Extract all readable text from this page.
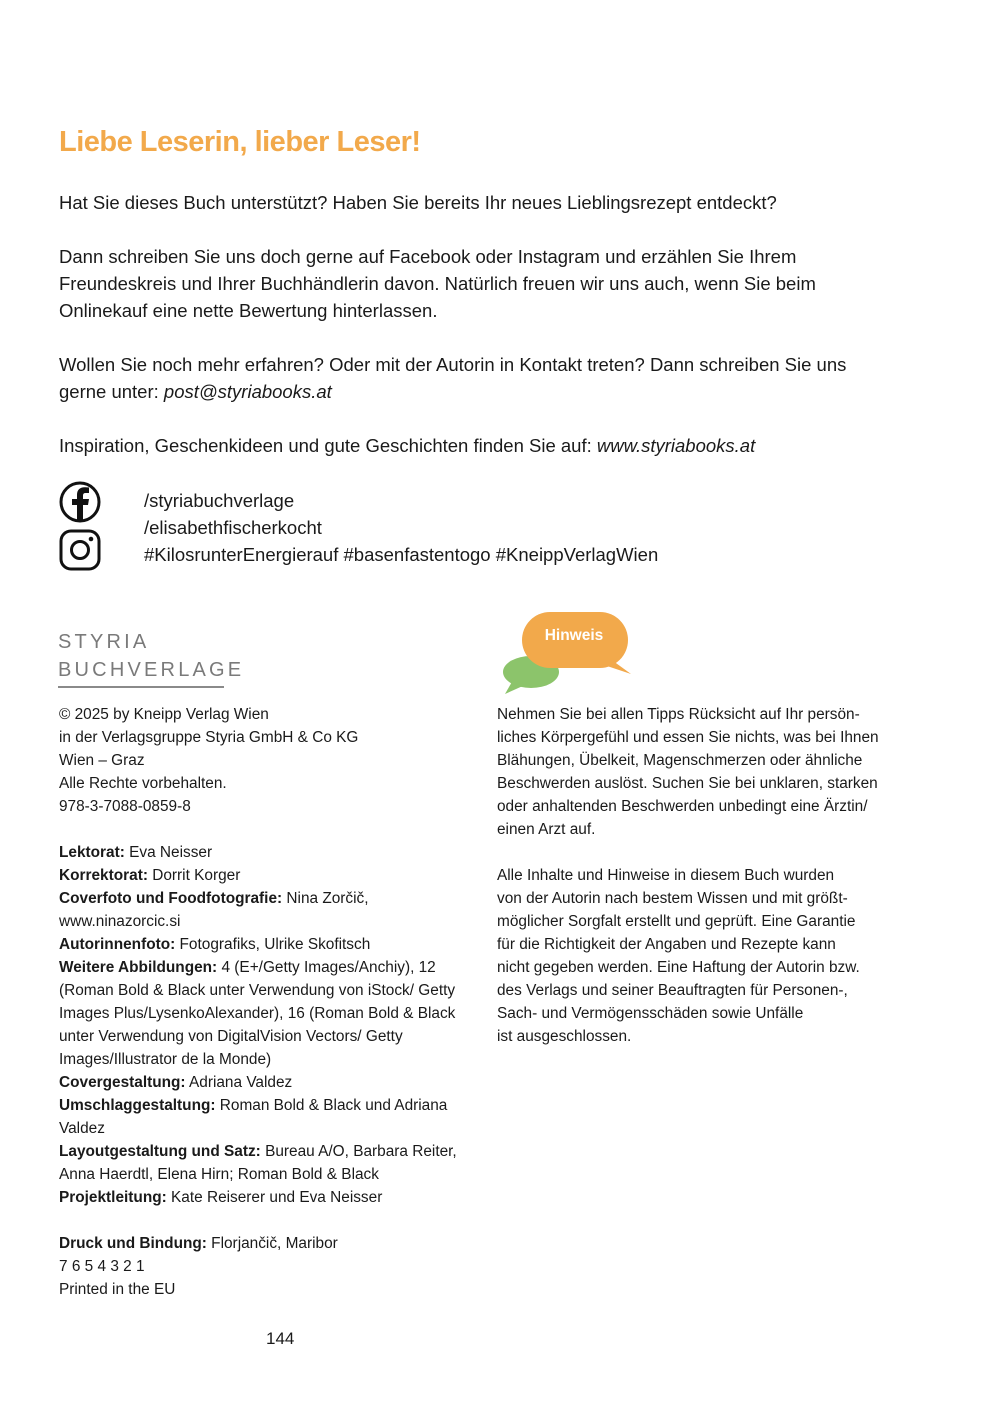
Liebe Leserin, lieber Leser!

Hat Sie dieses Buch unterstützt? Haben Sie bereits Ihr neues Lieblingsrezept entdeckt?

Dann schreiben Sie uns doch gerne auf Facebook oder Instagram und erzählen Sie Ihrem Freundeskreis und Ihrer Buchhändlerin davon. Natürlich freuen wir uns auch, wenn Sie beim Onlinekauf eine nette Bewertung hinterlassen.

Wollen Sie noch mehr erfahren? Oder mit der Autorin in Kontakt treten? Dann schreiben Sie uns gerne unter: post@styriabooks.at

Inspiration, Geschenkideen und gute Geschichten finden Sie auf: www.styriabooks.at

/styriabuchverlage
/elisabethfischerkocht
#KilosrunterEnergierauf #basenfastentogo #KneippVerlagWien
STYRIA
BUCHVERLAGE

© 2025 by Kneipp Verlag Wien

in der Verlagsgruppe Styria GmbH & Co KG

Wien – Graz

Alle Rechte vorbehalten.

978-3-7088-0859-8

Lektorat: Eva Neisser

Korrektorat: Dorrit Korger

Coverfoto und Foodfotografie: Nina Zorčič, www.ninazorcic.si

Autorinnenfoto: Fotografiks, Ulrike Skofitsch

Weitere Abbildungen: 4 (E+/Getty Images/Anchiy), 12 (Roman Bold & Black unter Verwendung von iStock/ Getty Images Plus/LysenkoAlexander), 16 (Roman Bold & Black unter Verwendung von DigitalVision Vectors/ Getty Images/Illustrator de la Monde)

Covergestaltung: Adriana Valdez

Umschlaggestaltung: Roman Bold & Black und Adriana Valdez

Layoutgestaltung und Satz: Bureau A/O, Barbara Reiter, Anna Haerdtl, Elena Hirn; Roman Bold & Black

Projektleitung: Kate Reiserer und Eva Neisser

Druck und Bindung: Florjančič, Maribor

7 6 5 4 3 2 1

Printed in the EU

Hinweis

Nehmen Sie bei allen Tipps Rücksicht auf Ihr persön-
liches Körpergefühl und essen Sie nichts, was bei Ihnen
Blähungen, Übelkeit, Magenschmerzen oder ähnliche
Beschwerden auslöst. Suchen Sie bei unklaren, starken
oder anhaltenden Beschwerden unbedingt eine Ärztin/
einen Arzt auf.

Alle Inhalte und Hinweise in diesem Buch wurden
von der Autorin nach bestem Wissen und mit größt-
möglicher Sorgfalt erstellt und geprüft. Eine Garantie
für die Richtigkeit der Angaben und Rezepte kann
nicht gegeben werden. Eine Haftung der Autorin bzw.
des Verlags und seiner Beauftragten für Personen-,
Sach- und Vermögensschäden sowie Unfälle
ist ausgeschlossen.

144
